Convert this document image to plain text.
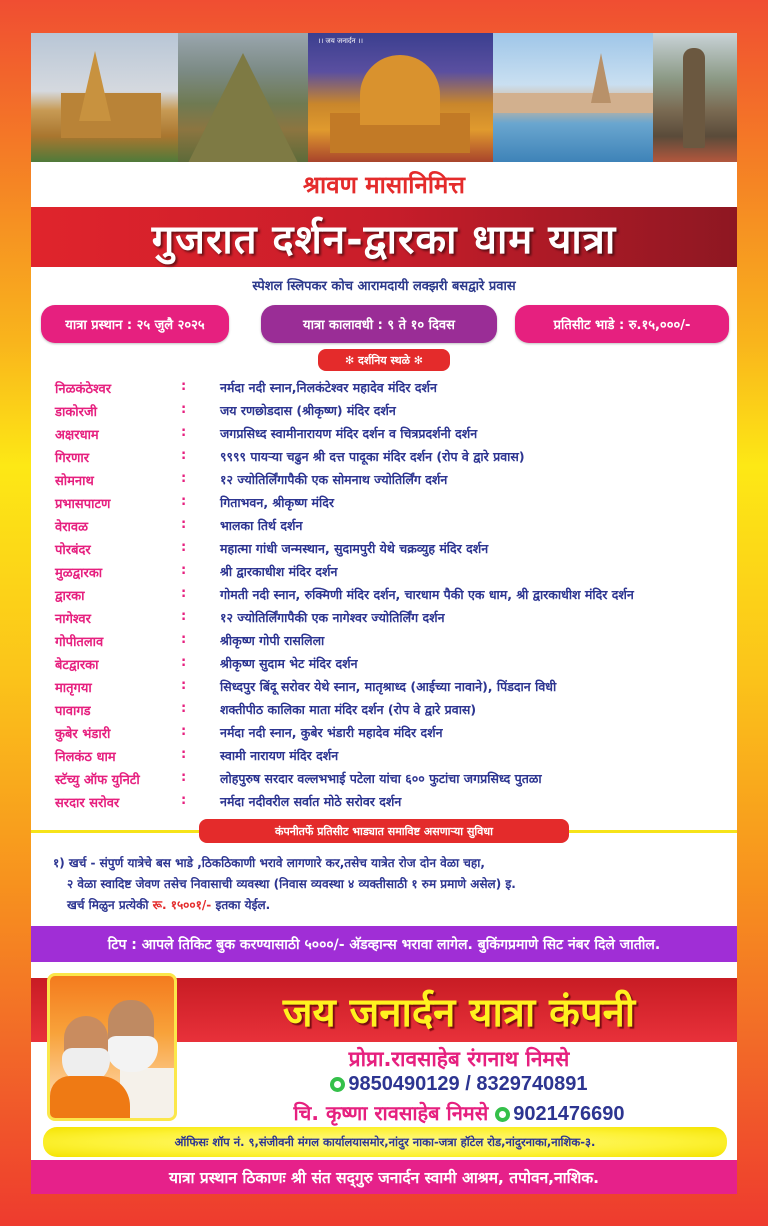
।। जय जनार्दन ।।
श्रावण मासानिमित्त
गुजरात दर्शन-द्वारका धाम यात्रा
स्पेशल स्लिपकर कोच आरामदायी लक्झरी बसद्वारे प्रवास
यात्रा प्रस्थान : २५ जुलै २०२५	यात्रा कालावधी : ९ ते १० दिवस	प्रतिसीट भाडे : रु.१५,०००/-
✻ दर्शनिय स्थळे ✻
निळकंठेश्वर	:	नर्मदा नदी स्नान,निलकंटेश्वर महादेव मंदिर दर्शन
डाकोरजी	:	जय रणछोडदास (श्रीकृष्ण) मंदिर दर्शन
अक्षरधाम	:	जगप्रसिध्द स्वामीनारायण मंदिर दर्शन व चित्रप्रदर्शनी दर्शन
गिरणार	:	९९९९ पायऱ्या चढुन श्री दत्त पादूका मंदिर दर्शन (रोप वे द्वारे प्रवास)
सोमनाथ	:	१२ ज्योतिर्लिंगापैकी एक सोमनाथ ज्योतिर्लिंग दर्शन
प्रभासपाटण	:	गिताभवन, श्रीकृष्ण मंदिर
वेरावळ	:	भालका तिर्थ दर्शन
पोरबंदर	:	महात्मा गांधी जन्मस्थान, सुदामपुरी येथे चक्रव्युह मंदिर दर्शन
मुळद्वारका	:	श्री द्वारकाधीश मंदिर दर्शन
द्वारका	:	गोमती नदी स्नान, रुक्मिणी मंदिर दर्शन, चारधाम पैकी एक धाम, श्री द्वारकाधीश मंदिर दर्शन
नागेश्वर	:	१२ ज्योतिर्लिंगापैकी एक नागेश्वर ज्योतिर्लिंग दर्शन
गोपीतलाव	:	श्रीकृष्ण गोपी रासलिला
बेटद्वारका	:	श्रीकृष्ण सुदाम भेट मंदिर दर्शन
मातृगया	:	सिध्दपुर बिंदू सरोवर येथे स्नान, मातृश्राध्द (आईच्या नावाने), पिंडदान विधी
पावागड	:	शक्तीपीठ कालिका माता मंदिर दर्शन (रोप वे द्वारे प्रवास)
कुबेर भंडारी	:	नर्मदा नदी स्नान, कुबेर भंडारी महादेव मंदिर दर्शन
निलकंठ धाम	:	स्वामी नारायण मंदिर दर्शन
स्टॅच्यु ऑफ युनिटी	:	लोहपुरुष सरदार वल्लभभाई पटेला यांचा ६०० फुटांचा जगप्रसिध्द पुतळा
सरदार सरोवर	:	नर्मदा नदीवरील सर्वात मोठे सरोवर दर्शन
कंपनीतर्फे प्रतिसीट भाड्यात समाविष्ट असणाऱ्या सुविधा
१) खर्च - संपुर्ण यात्रेचे बस भाडे ,ठिकठिकाणी भरावे लागणारे कर,तसेच यात्रेत रोज दोन वेळा चहा,
२ वेळा स्वादिष्ट जेवण तसेच निवासाची व्यवस्था (निवास व्यवस्था ४ व्यक्तीसाठी १ रुम प्रमाणे असेल) इ.
खर्च मिळुन प्रत्येकी रू. १५००१/- इतका येईल.
टिप : आपले तिकिट बुक करण्यासाठी ५०००/- अ‍ॅडव्हान्स भरावा लागेल. बुकिंगप्रमाणे सिट नंबर दिले जातील.
जय जनार्दन यात्रा कंपनी
प्रोप्रा.रावसाहेब रंगनाथ निमसे
9850490129 / 8329740891
चि. कृष्णा रावसाहेब निमसे 9021476690
ऑफिसः शॉप नं. ९,संजीवनी मंगल कार्यालयासमोर,नांदुर नाका-जत्रा हॉटेल रोड,नांदुरनाका,नाशिक-३.
यात्रा प्रस्थान ठिकाणः श्री संत सद्‌गुरु जनार्दन स्वामी आश्रम, तपोवन,नाशिक.
